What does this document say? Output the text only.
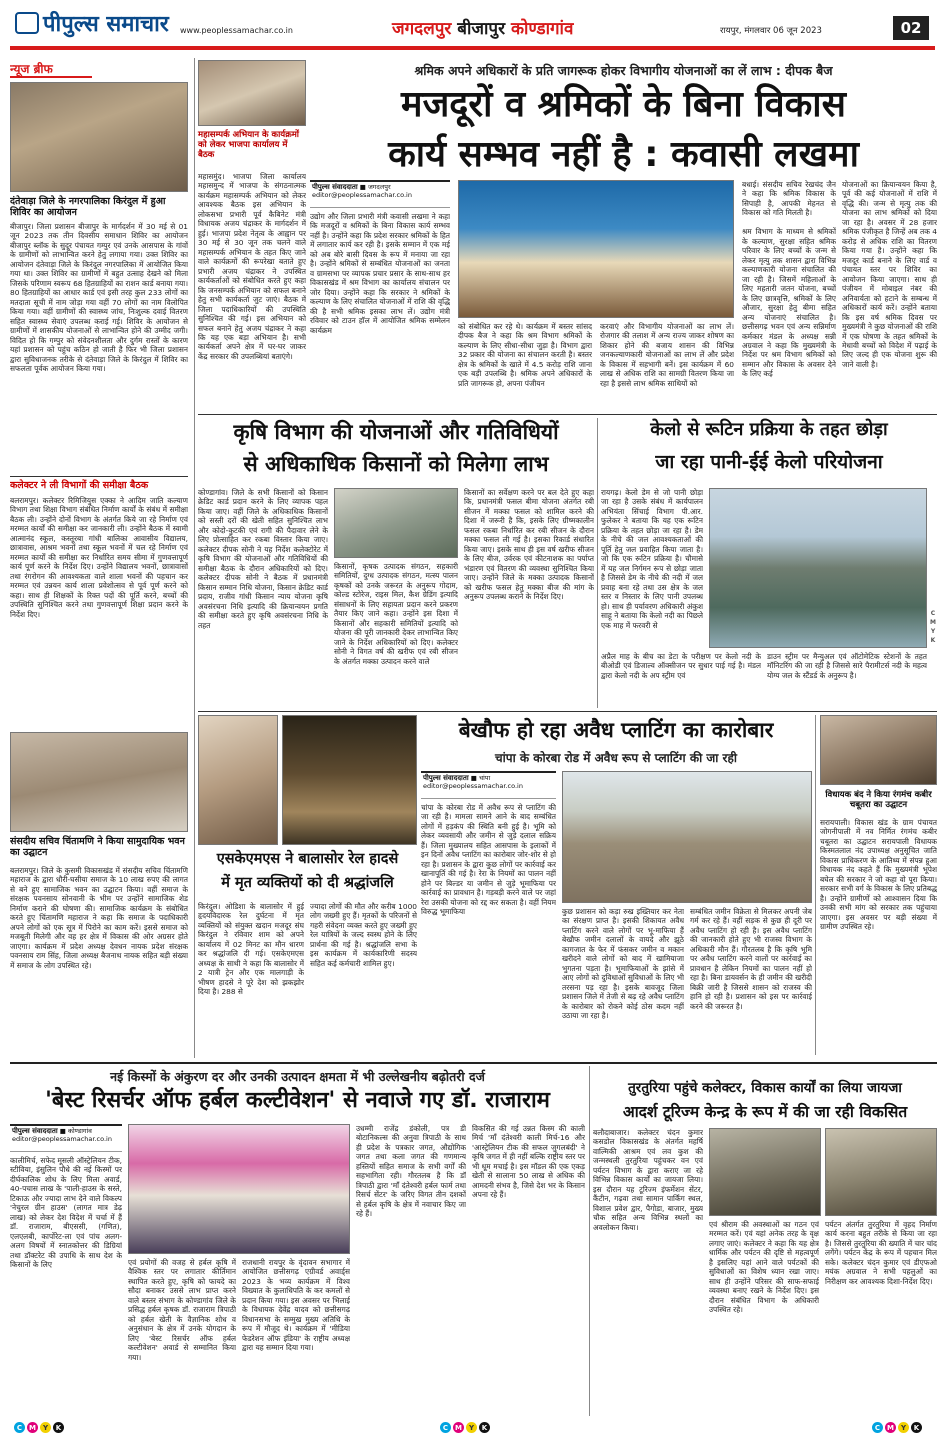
पीपुल्स समाचार www.peoplessamachar.co.in	जगदलपुर बीजापुर कोण्डागांव	रायपुर, मंगलवार 06 जून 2023	02
न्यूज ब्रीफ
दंतेवाड़ा जिले के नगरपालिका किरंदुल में हुआ शिविर का आयोजन
बीजापुर। जिला प्रशासन बीजापुर के मार्गदर्शन में 30 मई से 01 जून 2023 तक तीन दिवसीय समाधान शिविर का आयोजन बीजापुर ब्लॉक के सुदूर पंचायत गम्पुर एवं उनके आसपास के गांवों के ग्रामीणों को लाभान्वित करने हेतु लगाया गया। उक्त शिविर का आयोजन दंतेवाड़ा जिले के किरंदुल नगरपालिका में आयोजित किया गया था। उक्त शिविर का ग्रामीणों में बहुत उत्साह देखने को मिला जिसके परिणाम स्वरूप 68 हितग्राहियों का राशन कार्ड बनाया गया। 80 हितग्राहियों का आधार कार्ड एवं इसी तरह कुल 233 लोगों का मतदाता सूची में नाम जोड़ा गया वहीं 70 लोगों का नाम विलोपित किया गया। वहीं ग्रामीणों की स्वास्थ्य जांच, निःशुल्क दवाई वितरण सहित स्वास्थ्य सेवाएं उपलब्ध कराई गई। शिविर के आयोजन से ग्रामीणों में शासकीय योजनाओं से लाभान्वित होने की उम्मीद जगी। विदित हो कि गम्पुर को संवेदनशीलता और दुर्गम रास्तों के कारण यहां प्रशासन को पहुंच कठिन हो जाती है फिर भी जिला प्रशासन द्वारा सुविधाजनक तरीके से दंतेवाड़ा जिले के किरंदुल में शिविर का सफलता पूर्वक आयोजन किया गया।
कलेक्टर ने ली विभागों की समीक्षा बैठक
बलरामपुर। कलेक्टर रिमिजियुस एक्का ने आदिम जाति कल्याण विभाग तथा शिक्षा विभाग संबंधित निर्माण कार्यों के संबंध में समीक्षा बैठक ली। उन्होंने दोनों विभाग के अंतर्गत किये जा रहे निर्माण एवं मरम्मत कार्यों की समीक्षा कर जानकारी ली। उन्होंने बैठक में स्वामी आत्मानंद स्कूल, कस्तूरबा गांधी बालिका आवासीय विद्यालय, छात्रावास, आश्रम भवनों तथा स्कूल भवनों में चल रहे निर्माण एवं मरम्मत कार्यों की समीक्षा कर निर्धारित समय सीमा में गुणवत्तापूर्ण कार्य पूर्ण करने के निर्देश दिए। उन्होंने विद्यालय भवनों, छात्रावासों तथा रंगरोगन की आवश्यकता वाले शाला भवनों की पहचान कर मरम्मत एवं उन्नयन कार्य शाला प्रवेशोत्सव से पूर्व पूर्ण करने को कहा। साथ ही शिक्षकों के रिक्त पदों की पूर्ति करने, बच्चों की उपस्थिति सुनिश्चित करने तथा गुणवत्तापूर्ण शिक्षा प्रदान करने के निर्देश दिए।
संसदीय सचिव चिंतामणि ने किया सामुदायिक भवन का उद्घाटन
बलरामपुर। जिले के कुसमी विकासखंड में संसदीय सचिव चिंतामणि महाराज के द्वारा धौरी-घसीया समाज के 10 लाख रुपए की लागत से बने हुए सामाजिक भवन का उद्घाटन किया। वहीं समाज के संरक्षक पवनसाय सोनवानी के भीम पर उन्होंने सामाजिक शेड निर्माण कराने की घोषणा की। सामाजिक कार्यक्रम के संबोधित करते हुए चिंतामणि महाराज ने कहा कि समाज के पदाधिकारी अपने लोगों को एक सूत्र में पिरोने का काम करें। इससे समाज को मजबूती मिलेगी और वह हर क्षेत्र में विकास की ओर अग्रसर होते जाएगा। कार्यक्रम में प्रदेश अध्यक्ष देवधन नायक प्रदेश संरक्षक पवनसाय राम सिंह, जिला अध्यक्ष बैजनाथ नायक सहित बड़ी संख्या में समाज के लोग उपस्थित रहे।
महासम्पर्क अभियान के कार्यक्रमों को लेकर भाजपा कार्यालय में बैठक
महासमुंद। भाजपा जिला कार्यालय महासमुन्द में भाजपा के संगठनात्मक कार्यक्रम महासम्पर्क अभियान को लेकर आवश्यक बैठक इस अभियान के लोकसभा प्रभारी पूर्व कैबिनेट मंत्री विधायक अजय चंद्राकर के मार्गदर्शन में हुई। भाजपा प्रदेश नेतृत्व के आह्वान पर 30 मई से 30 जून तक चलने वाले महासम्पर्क अभियान के तहत किए जाने वाले कार्यक्रमों की रूपरेखा बताते हुए प्रभारी अजय चंद्राकर ने उपस्थित कार्यकर्ताओं को संबोधित करते हुए कहा कि जनसम्पर्क अभियान को सफल बनाने हेतु सभी कार्यकर्ता जुट जाएं। बैठक में जिला पदाधिकारियों की उपस्थिति सुनिश्चित की गई। इस अभियान को सफल बनाने हेतु अजय चंद्राकर ने कहा कि यह एक बड़ा अभियान है। सभी कार्यकर्ता अपने क्षेत्र में घर-घर जाकर केंद्र सरकार की उपलब्धियां बताएंगे।
श्रमिक अपने अधिकारों के प्रति जागरूक होकर विभागीय योजनाओं का लें लाभ : दीपक बैज
मजदूरों व श्रमिकों के बिना विकास
कार्य सम्भव नहीं है : कवासी लखमा
पीपुल्स संवाददाता ■ जगदलपुर
editor@peoplessamachar.co.in
उद्योग और जिला प्रभारी मंत्री कवासी लखमा ने कहा कि मजदूरों व श्रमिकों के बिना विकास कार्य सम्भव नहीं है। उन्होंने कहा कि प्रदेश सरकार श्रमिकों के हित में लगातार कार्य कर रही है। इसके सम्मान में एक मई को अब बोरे बासी दिवस के रूप में मनाया जा रहा है। उन्होंने श्रमिकों से सम्बंधित योजनाओं का जनता व ग्रामसभा पर व्यापक प्रचार प्रसार के साथ-साथ हर विकासखंड में श्रम विभाग का कार्यालय संचालन पर जोर दिया। उन्होंने कहा कि सरकार ने श्रमिकों के कल्याण के लिए संचालित योजनाओं में राशि की वृद्धि की है सभी श्रमिक इसका लाभ लें। उद्योग मंत्री रविवार को टाउन हॉल में आयोजित श्रमिक सम्मेलन कार्यक्रम	को संबोधित कर रहे थे। कार्यक्रम में बस्तर सांसद दीपक बैज ने कहा कि श्रम विभाग श्रमिकों के कल्याण के लिए सीधा-सीधा जुड़ा है। विभाग द्वारा 32 प्रकार की योजना का संचालन करती है। बस्तर क्षेत्र के श्रमिकों के खाते में 4.5 करोड़ राशि जाना एक बड़ी उपलब्धि है। श्रमिक अपने अधिकारों के प्रति जागरूक हो, अपना पंजीयन
करवाएं और विभागीय योजनाओं का लाभ लें। रोजगार की तलाश में अन्य राज्य जाकर शोषण का शिकार होने की बजाय शासन की विभिन्न जनकल्याणकारी योजनाओं का लाभ लें और प्रदेश के विकास में सहभागी बनें। इस कार्यक्रम में 60 लाख से अधिक राशि का सामग्री वितरण किया जा रहा है इससे लाभ श्रमिक साथियों को
बधाई। संसदीय सचिव रेखचंद जैन ने कहा कि श्रमिक विकास के सिपाही है, आपकी मेहनत से विकास को गति मिलती है।

श्रम विभाग के माध्यम से श्रमिकों के कल्याण, सुरक्षा सहित श्रमिक परिवार के लिए बच्चों के जन्म से लेकर मृत्यु तक शासन द्वारा विभिन्न कल्याणकारी योजना संचालित की जा रही है। जिसमें महिलाओं के लिए महतारी जतन योजना, बच्चों के लिए छात्रवृत्ति, श्रमिकों के लिए औजार, सुरक्षा हेतु बीमा सहित अन्य योजनाएं संचालित है। छत्तीसगढ़ भवन एवं अन्य सन्निर्माण कर्मकार मंडल के अध्यक्ष सन्नी अग्रवाल ने कहा कि मुख्यमंत्री के निर्देश पर श्रम विभाग श्रमिकों को सम्मान और विकास के अवसर देने के लिए कई
योजनाओं का क्रियान्वयन किया है, पूर्व की कई योजनाओं में राशि में वृद्धि की। जन्म से मृत्यु तक की योजना का लाभ श्रमिकों को दिया जा रहा है। अवसर में 28 हजार श्रमिक पंजीकृत है जिन्हें अब तक 4 करोड़ से अधिक राशि का वितरण किया गया है। उन्होंने कहा कि मजदूर कार्ड बनाने के लिए वार्ड व पंचायत स्तर पर शिविर का आयोजन किया जाएगा। साथ ही पंजीयन में मोबाइल नंबर की अनिवार्यता को हटाने के सम्बन्ध में अधिकारों कार्य करें। उन्होंने बताया कि इस वर्ष श्रमिक दिवस पर मुख्यमंत्री ने कुछ योजनाओं की राशि में एक घोषणा के तहत श्रमिकों के मेधावी बच्चों को विदेश में पढ़ाई के लिए जल्द ही एक योजना शुरू की जाने वाली है।
कृषि विभाग की योजनाओं और गतिविधियों
से अधिकाधिक किसानों को मिलेगा लाभ
कोण्डागांव। जिले के सभी किसानों को किसान क्रेडिट कार्ड प्रदान करने के लिए व्यापक पहल किया जाए। वहीं जिले के अधिकाधिक किसानों को सस्ती दरों की खेती सहित सुनिश्चित लाभ और कोदो-कुटकी एवं रागी की पैदावार लेने के लिए प्रोत्साहित कर रकबा विस्तार किया जाए। कलेक्टर दीपक सोनी ने यह निर्देश कलेक्टोरेट में कृषि विभाग की योजनाओं और गतिविधियों की समीक्षा बैठक के दौरान अधिकारियों को दिए। कलेक्टर दीपक सोनी ने बैठक में प्रधानमंत्री किसान सम्मान निधि योजना, किसान क्रेडिट कार्ड प्रदाय, राजीव गांधी किसान न्याय योजना कृषि अवसंरचना निधि इत्यादि की क्रियान्वयन प्रगति की समीक्षा करते हुए कृषि अवसंरचना निधि के तहत
किसानों, कृषक उत्पादक संगठन, सहकारी समितियों, दुग्ध उत्पादक संगठन, मत्स्य पालन कृषकों को उनके जरूरत के अनुरूप गोदाम, कोल्ड स्टोरेज, राइस मिल, कैश ग्रेडिंग इत्यादि संसाधनों के लिए सहायता प्रदान करने प्रकरण तैयार किए जाने कहा। उन्होंने इस दिशा में किसानों और सहकारी समितियों इत्यादि को योजना की पूरी जानकारी देकर लाभान्वित किए जाने के निर्देश अधिकारियों को दिए। कलेक्टर सोनी ने विगत वर्ष की खरीफ एवं रबी सीजन के अंतर्गत मक्का उत्पादन करने वाले
किसानों का सर्वेक्षण करने पर बल देते हुए कहा कि, प्रधानमंत्री फसल बीमा योजना अंतर्गत रबी सीजन में मक्का फसल को शामिल करने की दिशा में जरूरी है कि, इसके लिए ग्रीष्मकालीन फसल रकबा निर्धारित कर रबी सीजन के दौरान मक्का फसल ली गई है। इसका रिकार्ड संधारित किया जाए। इसके साथ ही इस वर्ष खरीफ सीजन के लिए बीज, उर्वरक एवं कीटनाशक का पर्याप्त भंडारण एवं वितरण की व्यवस्था सुनिश्चित किया जाए। उन्होंने जिले के मक्का उत्पादक किसानों को खरीफ फसल हेतु मक्का बीज की मांग के अनुरूप उपलब्ध कराने के निर्देश दिए।
केलो से रूटिन प्रक्रिया के तहत छोड़ा
जा रहा पानी-ईई केलो परियोजना
रायगढ़। केलो डेम से जो पानी छोड़ा जा रहा है उसके संबंध में कार्यपालन अभियंता सिंचाई विभाग पी.आर. फुलेकर ने बताया कि यह एक रूटिन प्रक्रिया के तहत छोड़ा जा रहा है। डेम के नीचे की जल आवश्यकताओं की पूर्ति हेतु जल प्रवाहित किया जाता है। जो कि एक रूटिन प्रक्रिया है। चौमासे में यह जल निर्गमन रूप से छोड़ा जाता है जिससे डेम के नीचे की नदी में जल प्रवाह बना रहे तथा उस क्षेत्र के जल स्तर व निस्तार के लिए पानी उपलब्ध हो। साथ ही पर्यावरण अधिकारी अंकुश साहू ने बताया कि केलो नदी का पिछले एक माह में फरवरी से
अप्रैल माह के बीच का डेटा के परीक्षण पर केलो नदी के बीओडी एवं डिजाल्व ऑक्सीजन पर सुधार पाई गई है। मंडल द्वारा केलो नदी के अप स्ट्रीम एवं
डाउन स्ट्रीम पर मैन्युअल एवं ऑटोमेटिक स्टेशनों के तहत मॉनिटरिंग की जा रही है जिससे सारे पैरामीटर्स नदी के महत्व योग्य जल के स्टैंडर्ड के अनुरूप है।
C
M
Y
K
बेखौफ हो रहा अवैध प्लाटिंग का कारोबार
चांपा के कोरबा रोड में अवैध रूप से प्लाटिंग की जा रही
पीपुल्स संवाददाता ■ चांपा
editor@peoplessamachar.co.in
चांपा के कोरबा रोड में अवैध रूप से प्लाटिंग की जा रही है। मामला सामने आने के बाद सम्बंधित लोगों में हड़कंप की स्थिति बनी हुई है। भूमि को लेकर व्यवसायी और जमीन से जुड़े दलाल सक्रिय हैं। जिला मुख्यालय सहित आसपास के इलाकों में इन दिनों अवैध प्लाटिंग का कारोबार जोर-शोर से हो रहा है। प्रशासन के द्वारा कुछ लोगों पर कार्रवाई कर खानापूर्ति की गई है। रेरा के नियमों का पालन नहीं होने पर बिल्डर या जमीन से जुड़े भूमाफिया पर कार्रवाई का प्रावधान है। गड़बड़ी करने वाले पर जहां रेरा उसकी योजना को रद्द कर सकता है। वहीं नियम विरुद्ध भूमाफिया	कुछ प्रशासन को कड़ा रुख इख्तियार कर नेता का संरक्षण प्राप्त है। इसकी शिकायत अवैध प्लाटिंग करने वाले लोगों पर भू-माफिया हैं बेखौफ जमीन दलालों के वायदे और झूठे कागजात के फेर में फंसकर जमीन व मकान खरीदने वाले लोगों को बाद में खामियाजा भुगतना पड़ता है। भूमाफियाओं के झांसे में आए लोगों को दुविधाओं सुविधाओं के लिए भी तरसना पड़ रहा है। इसके बावजूद जिला प्रशासन जिले में तेजी से बढ़ रहे अवैध प्लाटिंग के कारोबार को रोकने कोई ठोस कदम नहीं उठाया जा रहा है।
सम्बंधित जमीन विक्रेता से मिलकर अपनी जेब गर्म कर रहे हैं। वहीं सड़क से कुछ ही दूरी पर अवैध प्लाटिंग हो रही है। इस अवैध प्लाटिंग की जानकारी होते हुए भी राजस्व विभाग के अधिकारी मौन हैं। गौरतलब है कि कृषि भूमि पर अवैध प्लाटिंग करने वालों पर कार्रवाई का प्रावधान है लेकिन नियमों का पालन नहीं हो रहा है। बिना डायवर्सन के ही जमीन की खरीदी बिक्री जारी है जिससे शासन को राजस्व की हानि हो रही है। प्रशासन को इस पर कार्रवाई करने की जरूरत है।
विधायक बंद ने किया रंगमंच कबीर चबूतरा का उद्घाटन
सरायपाली। विकास खंड के ग्राम पंचायत जोगनीपाली में नव निर्मित रंगमंच कबीर चबूतरा का उद्घाटन सरायपाली विधायक किस्मतलाल नंद उपाध्यक्ष अनुसूचित जाति विकास प्राधिकरण के आतिथ्य में संपन्न हुआ विधायक नंद कहते हैं कि मुख्यमंत्री भूपेश बघेल की सरकार ने जो कहा वो पूरा किया। सरकार सभी वर्ग के विकास के लिए प्रतिबद्ध है। उन्होंने ग्रामीणों को आश्वासन दिया कि उनकी सभी मांग को सरकार तक पहुंचाया जाएगा। इस अवसर पर बड़ी संख्या में ग्रामीण उपस्थित रहे।
एसकेएमएस ने बालासोर रेल हादसे
में मृत व्यक्तियों को दी श्रद्धांजलि
किरंदुल। ओडिशा के बालासोर में हुई हृदयविदारक रेल दुर्घटना में मृत व्यक्तियों को संयुक्त खदान मजदूर संघ किरंदुल ने रविवार शाम को अपने कार्यालय में 02 मिनट का मौन धारण कर श्रद्धांजलि दी गई। एसकेएमएस अध्यक्ष के साथी ने कहा कि बालासोर में 2 यात्री ट्रेन और एक मालगाड़ी के भीषण हादसे ने पूरे देश को झकझोर दिया है। 288 से
ज्यादा लोगों की मौत और करीब 1000 लोग जख्मी हुए हैं। मृतकों के परिजनों से गहरी संवेदना व्यक्त करते हुए जख्मी हुए रेल यात्रियों के जल्द स्वस्थ होने के लिए प्रार्थना की गई है। श्रद्धांजलि सभा के इस कार्यक्रम में कार्यकारिणी सदस्य सहित कई कर्मचारी शामिल हुए।
नई किस्मों के अंकुरण दर और उनकी उत्पादन क्षमता में भी उल्लेखनीय बढ़ोतरी दर्ज
'बेस्ट रिसर्चर ऑफ हर्बल कल्टीवेशन' से नवाजे गए डॉ. राजाराम
पीपुल्स संवाददाता ■ कोण्डागांव
editor@peoplessamachar.co.in
कालीमिर्च, सफेद मूसली ऑस्ट्रेलियन टीक, स्टीविया, इंसुलिन पौधे की नई किस्मों पर दीर्घकालिक शोध के लिए मिला अवार्ड, 40-पचास लाख के 'पाली-हाउस के सस्ते, टिकाऊ और ज्यादा लाभ देने वाले विकल्प 'नेचुरल ग्रीन हाउस' (लागत मात्र डेढ़ लाख) को लेकर देश विदेश में चर्चा में हैं डॉ. राजाराम, बीएससी, (गणित), एलएलबी, कार्पोरेट-ला एवं पांच अलग-अलग विषयों में स्नातकोत्तर की डिग्रियां तथा डॉक्टरेट की उपाधि के साथ देश के किसानों के लिए	एवं प्रयोगों की वजह से हर्बल कृषि में वैश्विक स्तर पर लगातार कीर्तिमान स्थापित करते हुए, कृषि को फायदे का सौदा बनाकर उससे लाभ प्राप्त करने वाले बस्तर संभाग के कोण्डागांव जिले के प्रसिद्ध हर्बल कृषक डॉ. राजाराम त्रिपाठी को हर्बल खेती के वैज्ञानिक शोध व अनुसंधान के क्षेत्र में उनके योगदान के लिए 'बेस्ट रिसर्चर ऑफ हर्बल कल्टीवेशन' अवार्ड से सम्मानित किया गया।
राजधानी रायपुर के वृंदावन सभागार में आयोजित छत्तीसगढ़ एग्रीवर्ड अवार्ड्स 2023 के भव्य कार्यक्रम में विश्व विख्यात के कुलाधिपति के कर कमलों से प्रदान किया गया। इस अवसर पर भिलाई के विधायक देवेंद्र यादव को छत्तीसगढ़ विधानसभा के सम्मुख मुख्य अतिथि के रूप में मौजूद थे। कार्यक्रम में 'मीडिया फेडरेशन ऑफ इंडिया' के राष्ट्रीय अध्यक्ष द्वारा यह सम्मान दिया गया।
उधम्मी राजेंद्र डंकोली, पत्र डी बोटानिकल्स की अनुवा त्रिपाठी के साथ ही प्रदेश के पत्रकार जगत, औद्योगिक जगत तथा कला जगत की गणमान्य हस्तियों सहित समाज के सभी वर्गों की सहभागिता रही। गौरतलब है कि डॉ त्रिपाठी द्वारा 'माँ दंतेश्वरी हर्बल फार्म तथा रिसर्च सेंटर' के जरिए विगत तीन दशकों से हर्बल कृषि के क्षेत्र में नवाचार किए जा रहे हैं।
विकसित की गई उन्नत किस्म की काली मिर्च 'माँ दंतेश्वरी काली मिर्च-16 और 'आस्ट्रेलियन टीक की सफल जुगलबंदी' ने कृषि जगत में ही नहीं बल्कि राष्ट्रीय स्तर पर भी धूम मचाई है। इस मॉडल की एक एकड़ खेती से सालाना 50 लाख से अधिक की आमदनी संभव है, जिसे देश भर के किसान अपना रहे हैं।
तुरतुरिया पहुंचे कलेक्टर, विकास कार्यों का लिया जायजा
आदर्श टूरिज्म केन्द्र के रूप में की जा रही विकसित
बलौदाबाजार। कलेक्टर चंदन कुमार कसडोल विकासखंड के अंतर्गत महर्षि वाल्मिकी आश्रम एवं लव कुश की जन्मस्थली तुरतुरिया पहुंचकर वन एवं पर्यटन विभाग के द्वारा कराए जा रहे विभिन्न विकास कार्यों का जायजा लिया। इस दौरान यह टूरिज्म इंफर्मेशन सेंटर, कैंटीन, गढ़वा तथा सामान पार्किंग स्थल, विशाल प्रवेश द्वार, पैगोडा, बाजार, मुख्य चौक सहित अन्य विभिन्न स्थलों का अवलोकन किया।	एवं श्रीराम की अवस्थाओं का गठन एवं मरम्मत करें। एवं यहां अनेक तरह के वृक्ष लगाए जाएं। कलेक्टर ने कहा कि यह क्षेत्र धार्मिक और पर्यटन की दृष्टि से महत्वपूर्ण है इसलिए यहां आने वाले पर्यटकों की सुविधाओं का विशेष ध्यान रखा जाए। साथ ही उन्होंने परिसर की साफ-सफाई व्यवस्था बनाए रखने के निर्देश दिए। इस दौरान संबंधित विभाग के अधिकारी उपस्थित रहे।
पर्यटन अंतर्गत तुरतुरिया में वृहद निर्माण कार्य करना बहुत तरीके से किया जा रहा है। जिससे तुरतुरिया की ख्याति में चार चांद लगेंगे। पर्यटन केंद्र के रूप में पहचान मिल सके। कलेक्टर चंदन कुमार एवं डीएफओ मयंक अग्रवाल ने सभी पहलुओं का निरीक्षण कर आवश्यक दिशा-निर्देश दिए।
C M Y	K	C M Y	K	C M Y	K
